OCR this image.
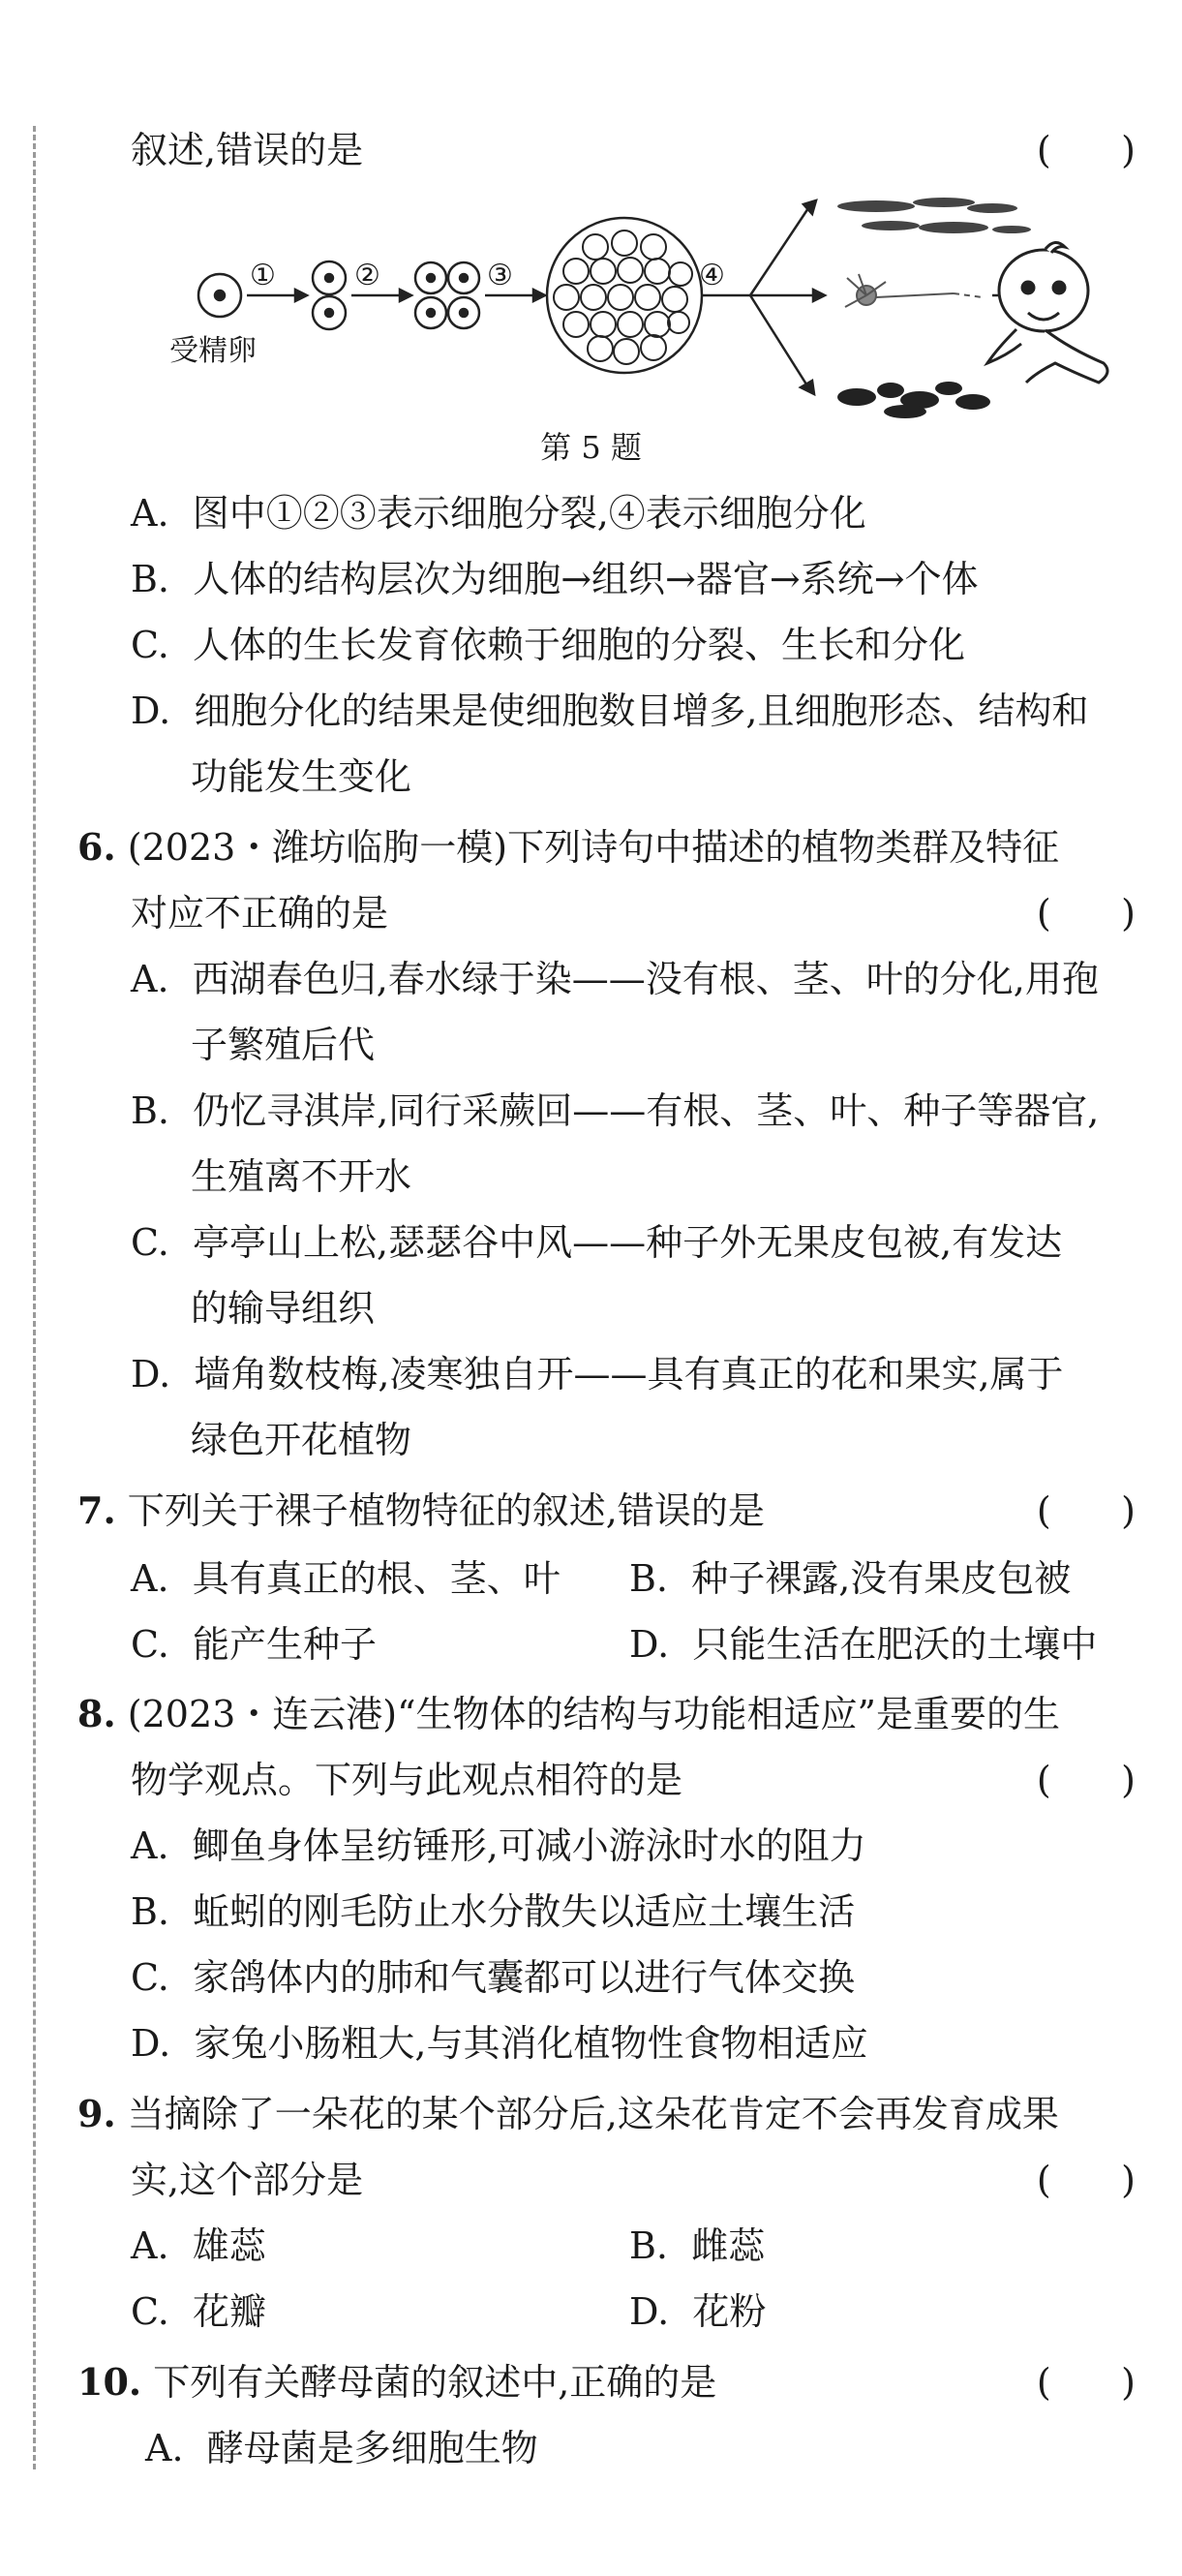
叙述,错误的是	(      )
①	②	③	④
受精卵
第 5 题
A. 图中①②③表示细胞分裂,④表示细胞分化
B. 人体的结构层次为细胞→组织→器官→系统→个体
C. 人体的生长发育依赖于细胞的分裂、生长和分化
D. 细胞分化的结果是使细胞数目增多,且细胞形态、结构和
功能发生变化
6. (2023・潍坊临朐一模)下列诗句中描述的植物类群及特征
对应不正确的是	(      )
A. 西湖春色归,春水绿于染——没有根、茎、叶的分化,用孢
子繁殖后代
B. 仍忆寻淇岸,同行采蕨回——有根、茎、叶、种子等器官,
生殖离不开水
C. 亭亭山上松,瑟瑟谷中风——种子外无果皮包被,有发达
的输导组织
D. 墙角数枝梅,凌寒独自开——具有真正的花和果实,属于
绿色开花植物
7. 下列关于裸子植物特征的叙述,错误的是	(      )
A. 具有真正的根、茎、叶 B. 种子裸露,没有果皮包被
C. 能产生种子	D. 只能生活在肥沃的土壤中
8. (2023・连云港)“生物体的结构与功能相适应”是重要的生
物学观点。下列与此观点相符的是	(      )
A. 鲫鱼身体呈纺锤形,可减小游泳时水的阻力
B. 蚯蚓的刚毛防止水分散失以适应土壤生活
C. 家鸽体内的肺和气囊都可以进行气体交换
D. 家兔小肠粗大,与其消化植物性食物相适应
9. 当摘除了一朵花的某个部分后,这朵花肯定不会再发育成果
实,这个部分是	(      )
A. 雄蕊	B. 雌蕊
C. 花瓣	D. 花粉
10. 下列有关酵母菌的叙述中,正确的是	(      )
A. 酵母菌是多细胞生物
